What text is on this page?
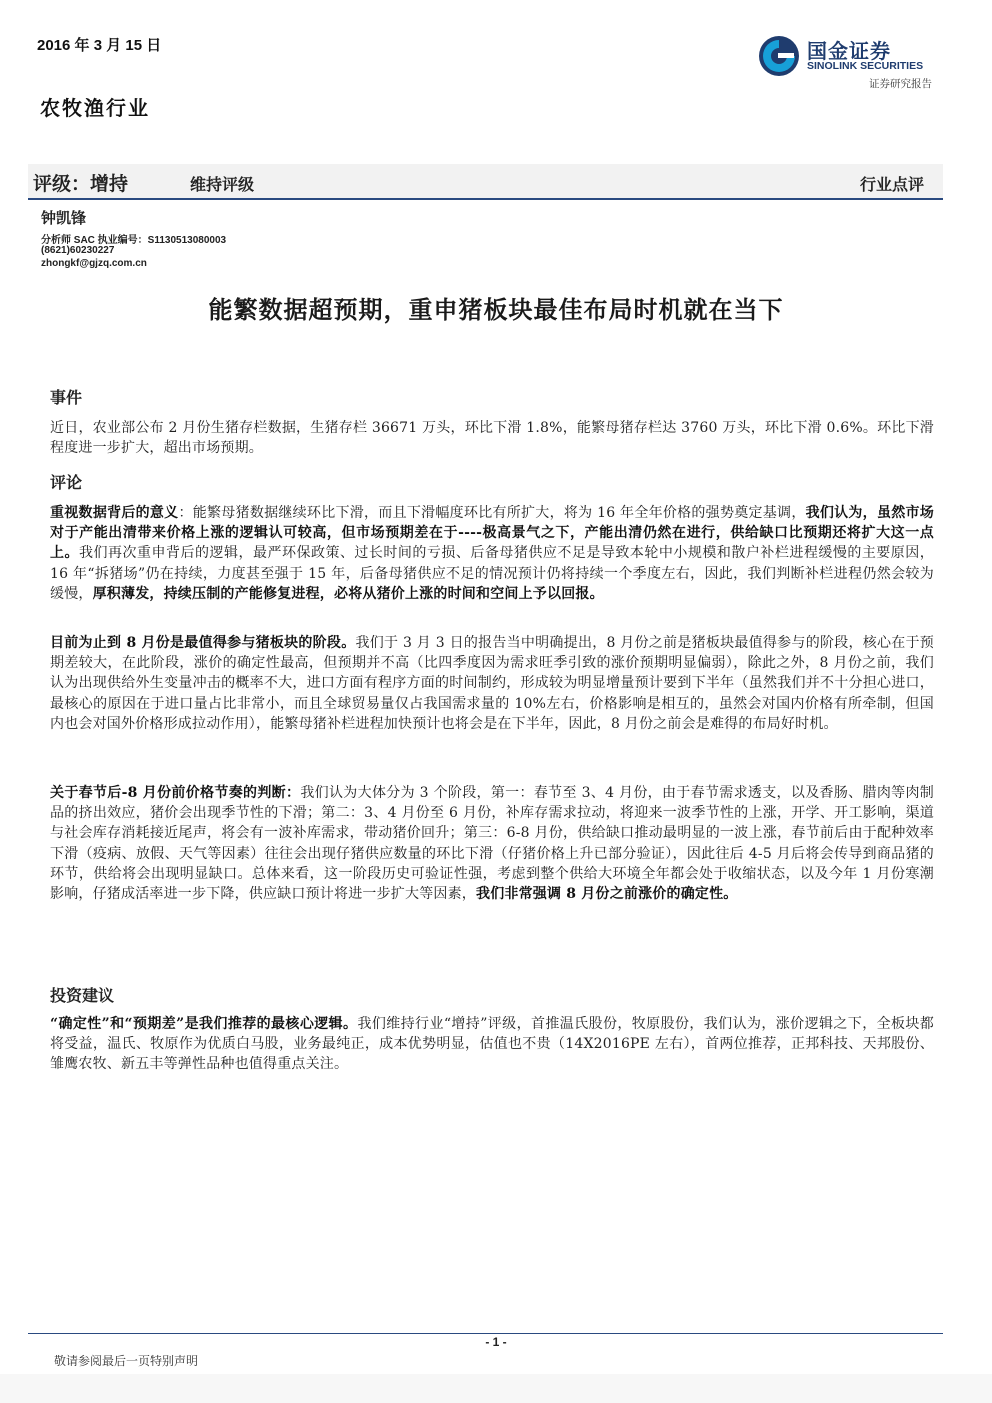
2016 年 3 月 15 日
农牧渔行业
国金证券
SINOLINK SECURITIES
证券研究报告
评级：增持	维持评级	行业点评
钟凯锋
分析师 SAC 执业编号：S1130513080003
(8621)60230227
zhongkf@gjzq.com.cn
能繁数据超预期，重申猪板块最佳布局时机就在当下
事件

近日，农业部公布 2 月份生猪存栏数据，生猪存栏 36671 万头，环比下滑 1.8%，能繁母猪存栏达 3760 万头，环比下滑 0.6%。环比下滑程度进一步扩大，超出市场预期。

评论

重视数据背后的意义：能繁母猪数据继续环比下滑，而且下滑幅度环比有所扩大，将为 16 年全年价格的强势奠定基调，我们认为，虽然市场对于产能出清带来价格上涨的逻辑认可较高，但市场预期差在于----极高景气之下，产能出清仍然在进行，供给缺口比预期还将扩大这一点上。我们再次重申背后的逻辑，最严环保政策、过长时间的亏损、后备母猪供应不足是导致本轮中小规模和散户补栏进程缓慢的主要原因，16 年“拆猪场”仍在持续，力度甚至强于 15 年，后备母猪供应不足的情况预计仍将持续一个季度左右，因此，我们判断补栏进程仍然会较为缓慢，厚积薄发，持续压制的产能修复进程，必将从猪价上涨的时间和空间上予以回报。

目前为止到 8 月份是最值得参与猪板块的阶段。我们于 3 月 3 日的报告当中明确提出，8 月份之前是猪板块最值得参与的阶段，核心在于预期差较大，在此阶段，涨价的确定性最高，但预期并不高（比四季度因为需求旺季引致的涨价预期明显偏弱），除此之外，8 月份之前，我们认为出现供给外生变量冲击的概率不大，进口方面有程序方面的时间制约，形成较为明显增量预计要到下半年（虽然我们并不十分担心进口，最核心的原因在于进口量占比非常小，而且全球贸易量仅占我国需求量的 10%左右，价格影响是相互的，虽然会对国内价格有所牵制，但国内也会对国外价格形成拉动作用），能繁母猪补栏进程加快预计也将会是在下半年，因此，8 月份之前会是难得的布局好时机。

关于春节后-8 月份前价格节奏的判断：我们认为大体分为 3 个阶段，第一：春节至 3、4 月份，由于春节需求透支，以及香肠、腊肉等肉制品的挤出效应，猪价会出现季节性的下滑；第二：3、4 月份至 6 月份，补库存需求拉动，将迎来一波季节性的上涨，开学、开工影响，渠道与社会库存消耗接近尾声，将会有一波补库需求，带动猪价回升；第三：6-8 月份，供给缺口推动最明显的一波上涨，春节前后由于配种效率下滑（疫病、放假、天气等因素）往往会出现仔猪供应数量的环比下滑（仔猪价格上升已部分验证），因此往后 4-5 月后将会传导到商品猪的环节，供给将会出现明显缺口。总体来看，这一阶段历史可验证性强，考虑到整个供给大环境全年都会处于收缩状态，以及今年 1 月份寒潮影响，仔猪成活率进一步下降，供应缺口预计将进一步扩大等因素，我们非常强调 8 月份之前涨价的确定性。

投资建议

“确定性”和“预期差”是我们推荐的最核心逻辑。我们维持行业“增持”评级，首推温氏股份，牧原股份，我们认为，涨价逻辑之下，全板块都将受益，温氏、牧原作为优质白马股，业务最纯正，成本优势明显，估值也不贵（14X2016PE 左右），首两位推荐，正邦科技、天邦股份、雏鹰农牧、新五丰等弹性品种也值得重点关注。

- 1 -
敬请参阅最后一页特别声明
